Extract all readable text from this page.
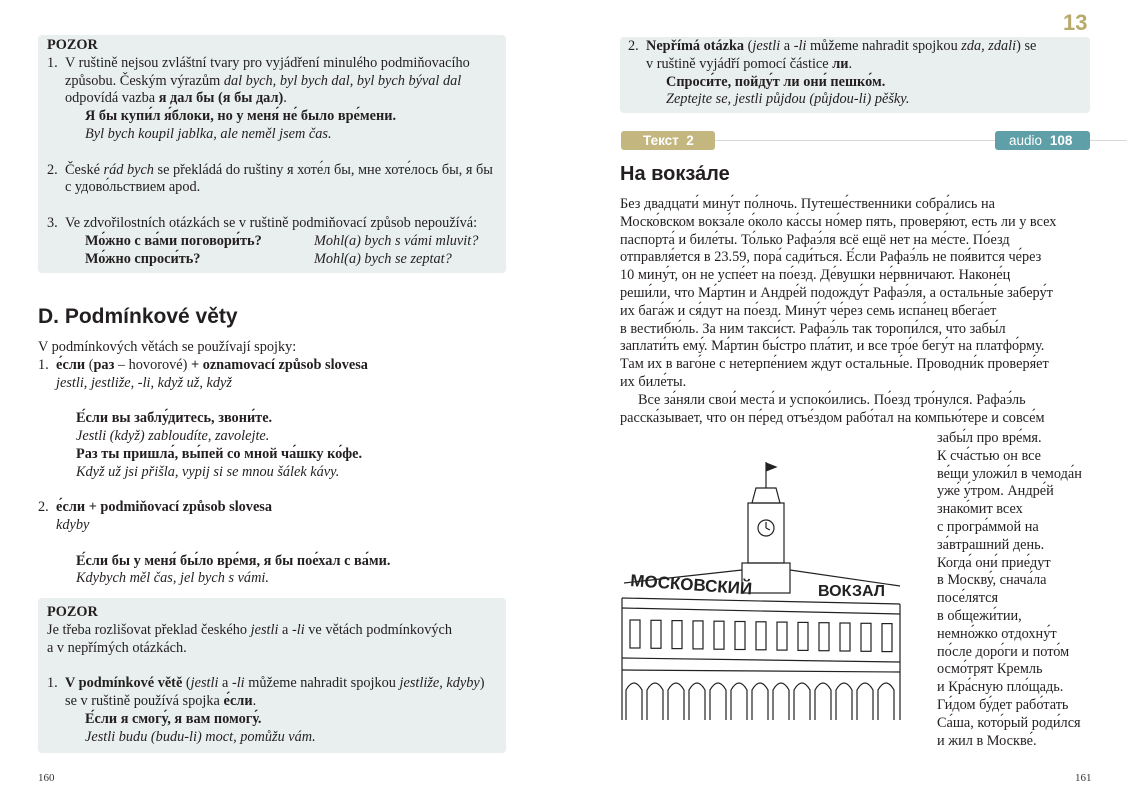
POZOR
1. V ruštině nejsou zvláštní tvary pro vyjádření minulého podmiňovacího
způsobu. Českým výrazům dal bych, byl bych dal, byl bych býval dal
odpovídá vazba я дал бы (я бы дал).
Я бы купи́л я́блоки, но у меня́ не́ было вре́мени.
Byl bych koupil jablka, ale neměl jsem čas.
2. České rád bych se překládá do ruštiny я хоте́л бы, мне хоте́лось бы, я бы
с удово́льствием apod.
3. Ve zdvořilostních otázkách se v ruštině podmiňovací způsob nepoužívá:
Мо́жно с ва́ми поговори́ть?	Mohl(a) bych s vámi mluvit?
Мо́жно спроси́ть?	Mohl(a) bych se zeptat?
D. Podmínkové věty
V podmínkových větách se používají spojky:
1. е́сли (раз – hovorové) + oznamovací způsob slovesa
jestli, jestliže, -li, když už, když
Е́сли вы заблу́дитесь, звони́те.
Jestli (když) zabloudíte, zavolejte.
Раз ты пришла́, вы́пей со мной ча́шку ко́фе.
Když už jsi přišla, vypij si se mnou šálek kávy.
2. е́сли + podmiňovací způsob slovesa
kdyby
Е́сли бы у меня́ бы́ло вре́мя, я бы пое́хал с ва́ми.
Kdybych měl čas, jel bych s vámi.
POZOR
Je třeba rozlišovat překlad českého jestli a -li ve větách podmínkových
a v nepřímých otázkách.
1. V podmínkové větě (jestli a -li můžeme nahradit spojkou jestliže, kdyby)
se v ruštině používá spojka е́сли.
Е́сли я смогу́, я вам помогу́.
Jestli budu (budu-li) moct, pomůžu vám.
160
13
2. Nepřímá otázka (jestli a -li můžeme nahradit spojkou zda, zdali) se
v ruštině vyjádří pomocí částice ли.
Спроси́те, пойду́т ли они́ пешко́м.
Zeptejte se, jestli půjdou (půjdou-li) pěšky.
Текст  2	audio 108
На вокза́ле
Без двадцати́ мину́т по́лночь. Путеше́ственники собра́лись на
Моско́вском вокза́ле о́коло ка́ссы но́мер пять, проверя́ют, есть ли у всех
паспорта́ и биле́ты. То́лько Рафаэ́ля всё ещё нет на ме́сте. По́езд
отправля́ется в 23.59, пора́ сади́ться. Е́сли Рафаэ́ль не поя́вится че́рез
10 мину́т, он не успе́ет на по́езд. Де́вушки не́рвничают. Наконе́ц
реши́ли, что Ма́ртин и Андре́й подожду́т Рафаэ́ля, а остальны́е заберу́т
их бага́ж и ся́дут на по́езд. Мину́т че́рез семь испа́нец вбега́ет
в вестибю́ль. За ним такси́ст. Рафаэ́ль так торопи́лся, что забы́л
заплати́ть ему́. Ма́ртин бы́стро пла́тит, и все тро́е бегу́т на платфо́рму.
Там их в ваго́не с нетерпе́нием ждут остальны́е. Проводни́к проверя́ет
их биле́ты.
Все за́няли свои́ места́ и успоко́ились. По́езд тро́нулся. Рафаэ́ль
расска́зывает, что он пе́ред отъе́здом рабо́тал на компью́тере и совсе́м
забы́л про вре́мя.
К сча́стью он все
ве́щи уложи́л в чемода́н
уже́ у́тром. Андре́й
знако́мит всех
с програ́ммой на
за́втрашний день.
Когда́ они́ прие́дут
в Москву́, снача́ла
посе́лятся
в общежи́тии,
немно́жко отдохну́т
по́сле доро́ги и пото́м
осмо́трят Кремль
и Кра́сную пло́щадь.
Ги́дом бу́дет рабо́тать
Са́ша, кото́рый роди́лся
и жил в Москве́.
МОСКОВСКИЙ	ВОКЗАЛ
161
